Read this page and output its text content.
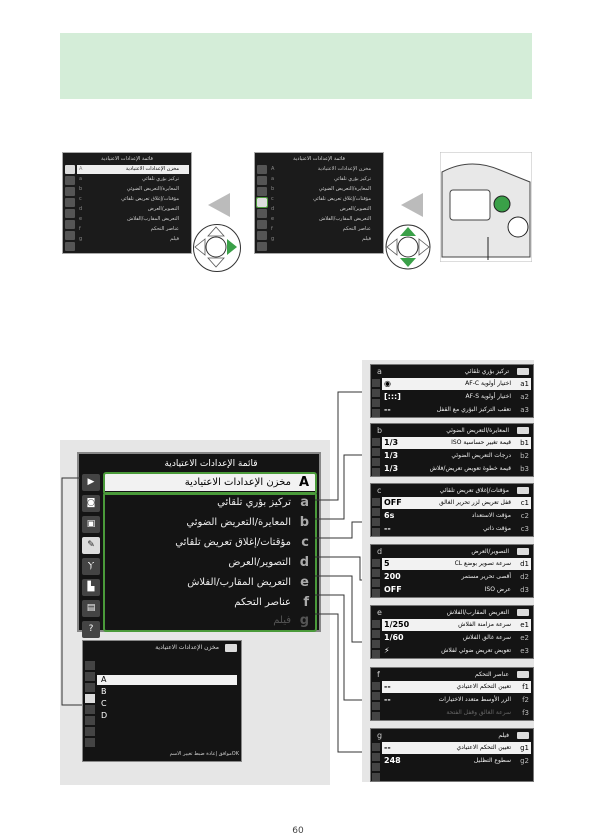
قائمة الإعدادات الاعتيادية
مخزن الإعدادات الاعتيادية
A
تركيز بؤري تلقائي
a
المعايرة/التعريض الضوئي
b
مؤقتات/إغلاق تعريض تلقائي
c
التصوير/العرض
d
التعريض المقارب/الفلاش
e
عناصر التحكم
f
فيلم
g
قائمة الإعدادات الاعتيادية
مخزن الإعدادات الاعتيادية
A
تركيز بؤري تلقائي
a
المعايرة/التعريض الضوئي
b
مؤقتات/إغلاق تعريض تلقائي
c
التصوير/العرض
d
التعريض المقارب/الفلاش
e
عناصر التحكم
f
فيلم
g
قائمة الإعدادات الاعتيادية
▶
◙
▣
✎
Ⲩ
▙
▤
?
مخزن الإعدادات الاعتيادية A
تركيز بؤري تلقائي a
المعايرة/التعريض الضوئي b
مؤقتات/إغلاق تعريض تلقائي c
التصوير/العرض d
التعريض المقارب/الفلاش e
عناصر التحكم f
فيلم g
مخزن الإعدادات الاعتيادية
A
B
C
D
OKموافق إعادة ضبط تغيير الاسم
تركيز بؤري تلقائي
a
اختيار أولوية AF-C a1
◉
اختيار أولوية AF-S a2
[:::]
تعقب التركيز البؤري مع القفل a3
--
المعايرة/التعريض الضوئي
b
قيمة تغيير حساسية ISO b1
1/3
درجات التعريض الضوئي b2
1/3
قيمة خطوة تعويض تعريض/فلاش b3
1/3
مؤقتات/إغلاق تعريض تلقائي
c
قفل تعريض لزر تحرير الغالق c1
OFF
مؤقت الاستعداد c2
6s
مؤقت ذاتي c3
--
التصوير/العرض
d
سرعة تصوير بوضع CL d1
5
أقصى تحرير مستمر d2
200
عرض ISO d3
OFF
التعريض المقارب/الفلاش
e
سرعة مزامنة الفلاش e1
1/250
سرعة غالق الفلاش e2
1/60
تعويض تعريض ضوئي لفلاش e3
⚡
عناصر التحكم
f
تعيين التحكم الاعتيادي f1
--
الزر الأوسط متعدد الاختيارات f2
--
سرعة الغالق وقفل الفتحة f3
فيلم
g
تعيين التحكم الاعتيادي g1
--
سطوع التظليل g2
248
60
